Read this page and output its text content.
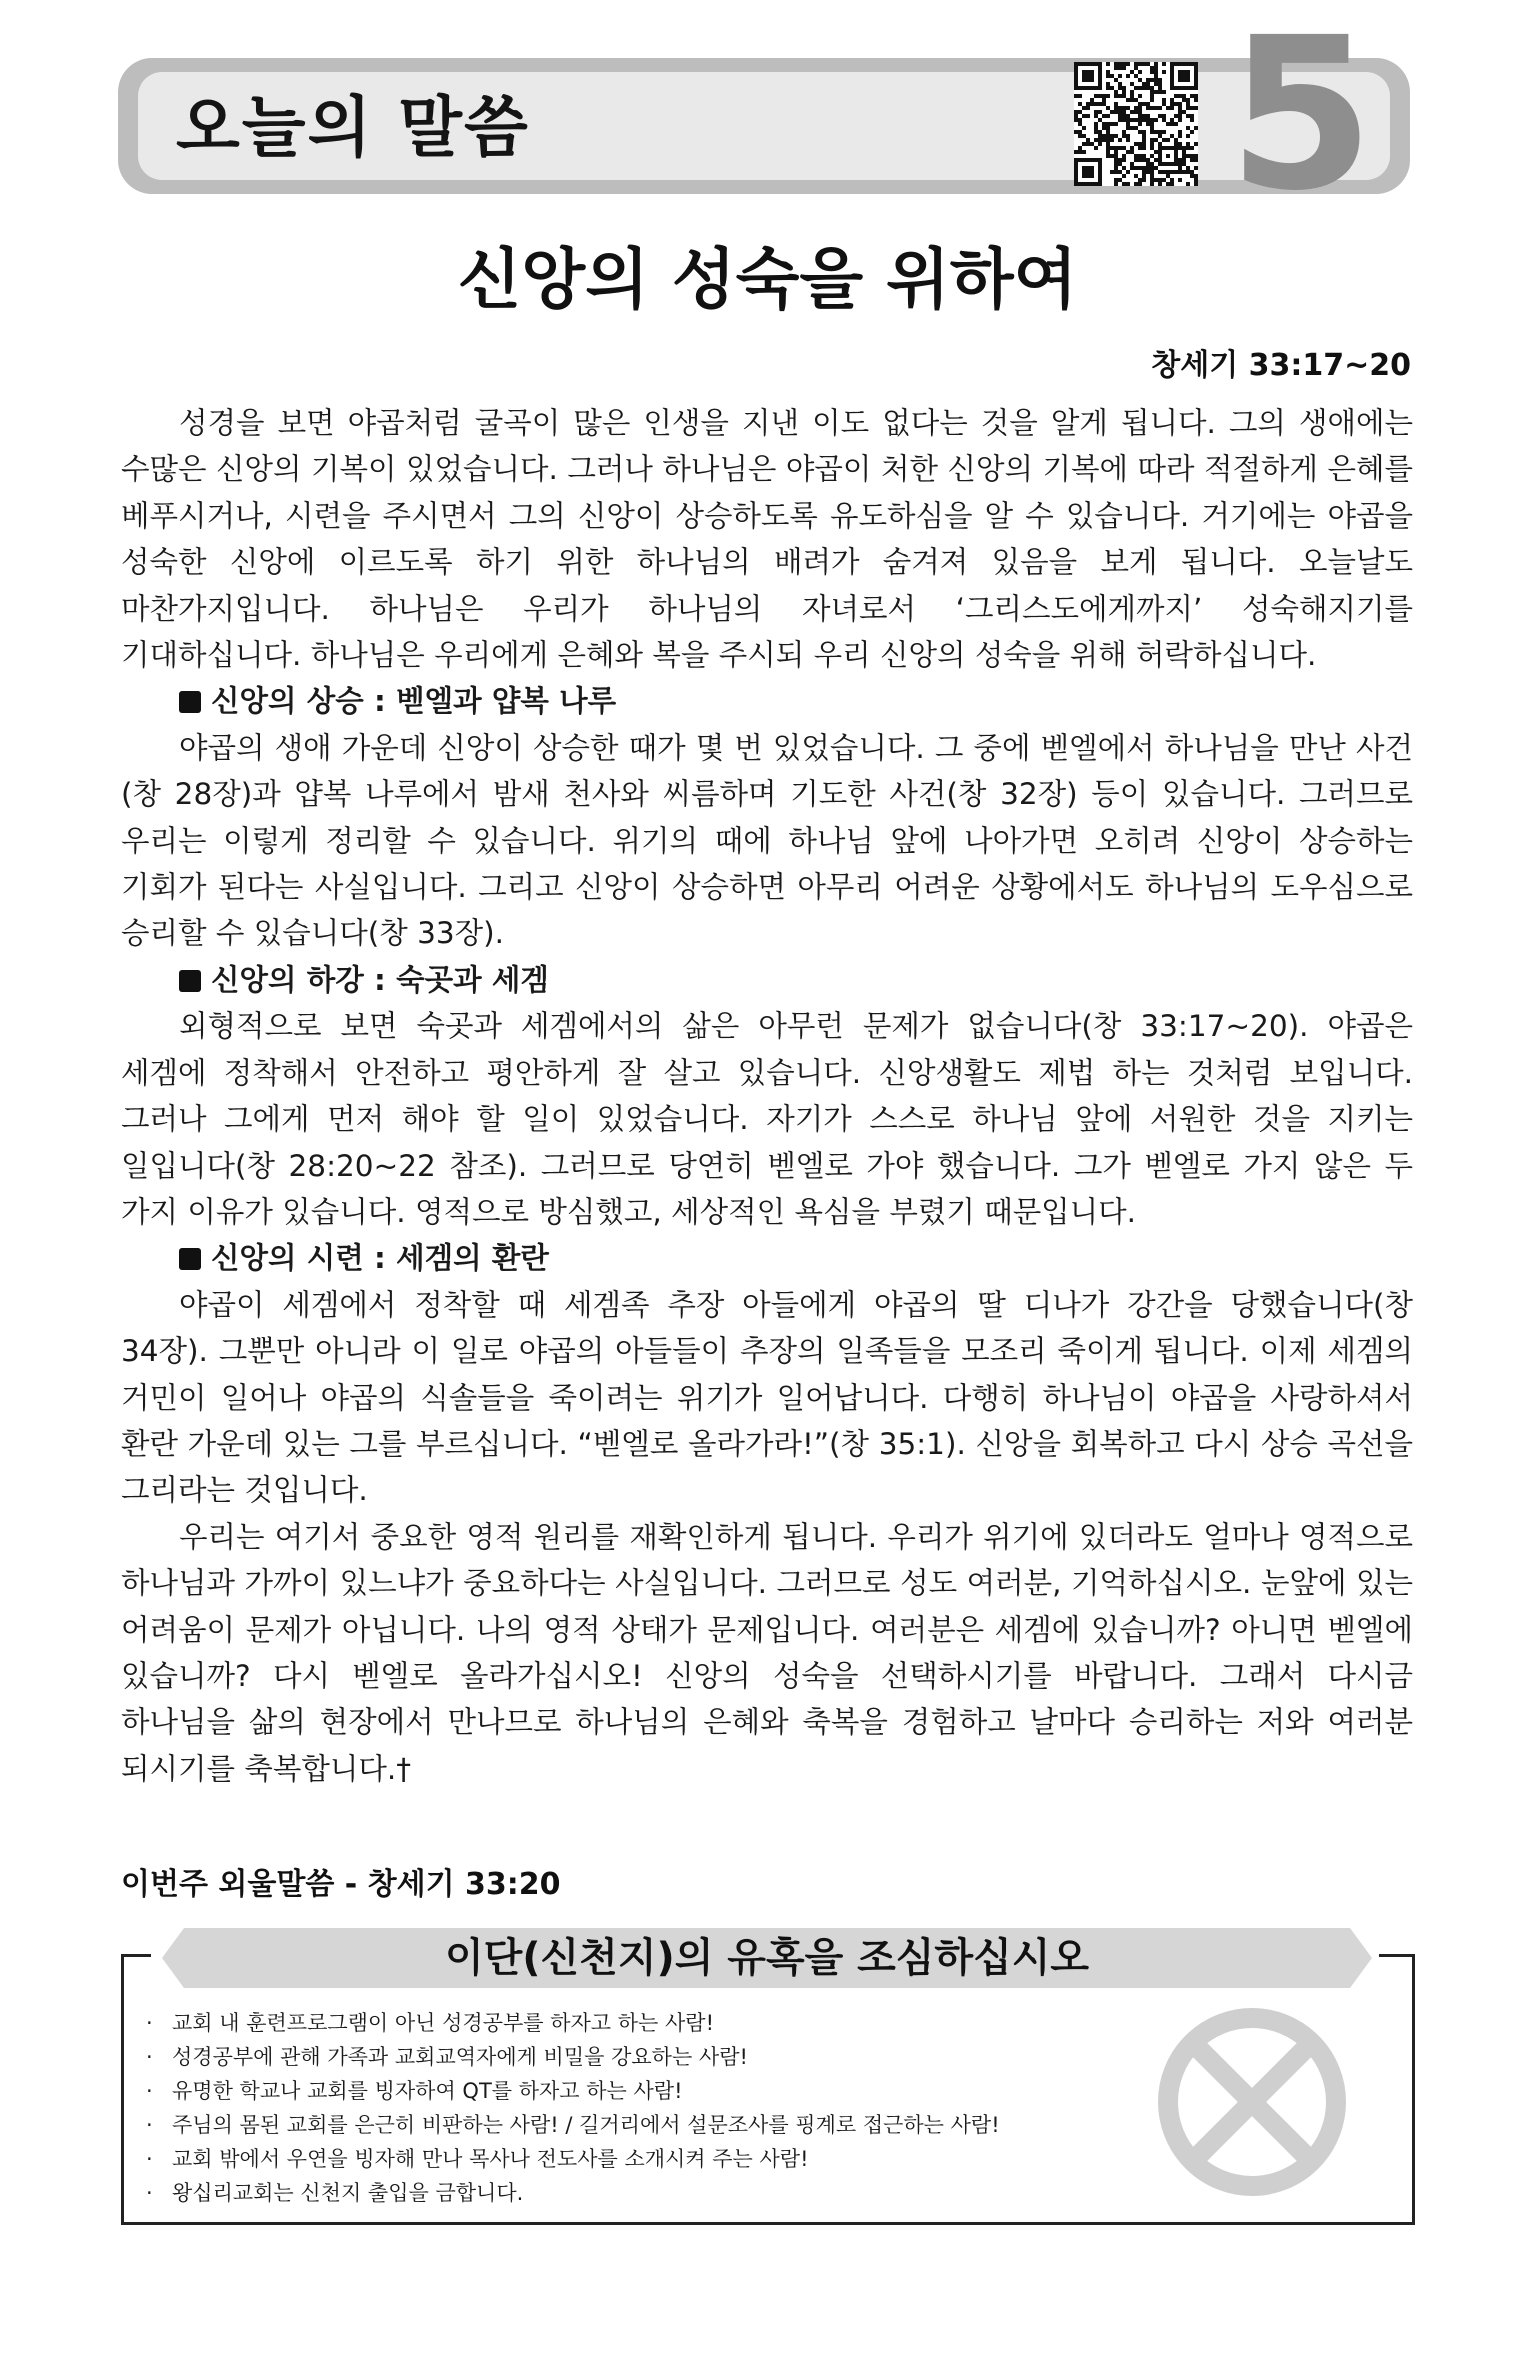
오늘의 말씀	5
신앙의 성숙을 위하여
창세기 33:17~20

성경을 보면 야곱처럼 굴곡이 많은 인생을 지낸 이도 없다는 것을 알게 됩니다. 그의 생애에는 수많은 신앙의 기복이 있었습니다. 그러나 하나님은 야곱이 처한 신앙의 기복에 따라 적절하게 은혜를 베푸시거나, 시련을 주시면서 그의 신앙이 상승하도록 유도하심을 알 수 있습니다. 거기에는 야곱을 성숙한 신앙에 이르도록 하기 위한 하나님의 배려가 숨겨져 있음을 보게 됩니다. 오늘날도 마찬가지입니다. 하나님은 우리가 하나님의 자녀로서 ‘그리스도에게까지’ 성숙해지기를 기대하십니다. 하나님은 우리에게 은혜와 복을 주시되 우리 신앙의 성숙을 위해 허락하십니다.

신앙의 상승 : 벧엘과 얍복 나루

야곱의 생애 가운데 신앙이 상승한 때가 몇 번 있었습니다. 그 중에 벧엘에서 하나님을 만난 사건(창 28장)과 얍복 나루에서 밤새 천사와 씨름하며 기도한 사건(창 32장) 등이 있습니다. 그러므로 우리는 이렇게 정리할 수 있습니다. 위기의 때에 하나님 앞에 나아가면 오히려 신앙이 상승하는 기회가 된다는 사실입니다. 그리고 신앙이 상승하면 아무리 어려운 상황에서도 하나님의 도우심으로 승리할 수 있습니다(창 33장).

신앙의 하강 : 숙곳과 세겜

외형적으로 보면 숙곳과 세겜에서의 삶은 아무런 문제가 없습니다(창 33:17~20). 야곱은 세겜에 정착해서 안전하고 평안하게 잘 살고 있습니다. 신앙생활도 제법 하는 것처럼 보입니다. 그러나 그에게 먼저 해야 할 일이 있었습니다. 자기가 스스로 하나님 앞에 서원한 것을 지키는 일입니다(창 28:20~22 참조). 그러므로 당연히 벧엘로 가야 했습니다. 그가 벧엘로 가지 않은 두 가지 이유가 있습니다. 영적으로 방심했고, 세상적인 욕심을 부렸기 때문입니다.

신앙의 시련 : 세겜의 환란

야곱이 세겜에서 정착할 때 세겜족 추장 아들에게 야곱의 딸 디나가 강간을 당했습니다(창 34장). 그뿐만 아니라 이 일로 야곱의 아들들이 추장의 일족들을 모조리 죽이게 됩니다. 이제 세겜의 거민이 일어나 야곱의 식솔들을 죽이려는 위기가 일어납니다. 다행히 하나님이 야곱을 사랑하셔서 환란 가운데 있는 그를 부르십니다. “벧엘로 올라가라!”(창 35:1). 신앙을 회복하고 다시 상승 곡선을 그리라는 것입니다.

우리는 여기서 중요한 영적 원리를 재확인하게 됩니다. 우리가 위기에 있더라도 얼마나 영적으로 하나님과 가까이 있느냐가 중요하다는 사실입니다. 그러므로 성도 여러분, 기억하십시오. 눈앞에 있는 어려움이 문제가 아닙니다. 나의 영적 상태가 문제입니다. 여러분은 세겜에 있습니까? 아니면 벧엘에 있습니까? 다시 벧엘로 올라가십시오! 신앙의 성숙을 선택하시기를 바랍니다. 그래서 다시금 하나님을 삶의 현장에서 만나므로 하나님의 은혜와 축복을 경험하고 날마다 승리하는 저와 여러분 되시기를 축복합니다.†

이번주 외울말씀 - 창세기 33:20
이단(신천지)의 유혹을 조심하십시오
· 교회 내 훈련프로그램이 아닌 성경공부를 하자고 하는 사람!
· 성경공부에 관해 가족과 교회교역자에게 비밀을 강요하는 사람!
· 유명한 학교나 교회를 빙자하여 QT를 하자고 하는 사람!
· 주님의 몸된 교회를 은근히 비판하는 사람! / 길거리에서 설문조사를 핑계로 접근하는 사람!
· 교회 밖에서 우연을 빙자해 만나 목사나 전도사를 소개시켜 주는 사람!
· 왕십리교회는 신천지 출입을 금합니다.
